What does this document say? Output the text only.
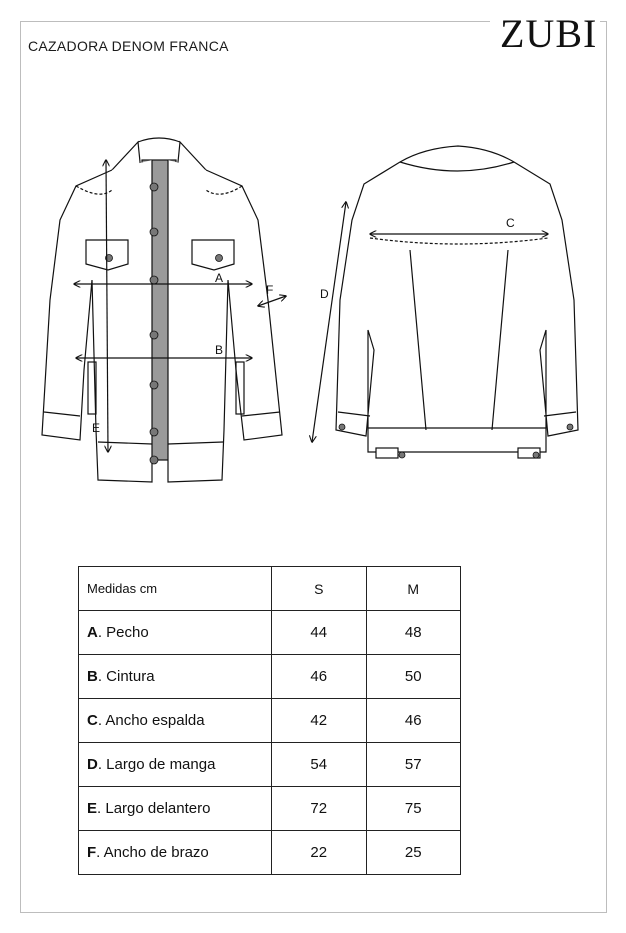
CAZADORA DENOM FRANCA	ZUBI
A
B
E
F
C
D
Medidas cm	S	M
A. Pecho	44	48
B. Cintura	46	50
C. Ancho espalda	42	46
D. Largo de manga	54	57
E. Largo delantero	72	75
F. Ancho de brazo	22	25
